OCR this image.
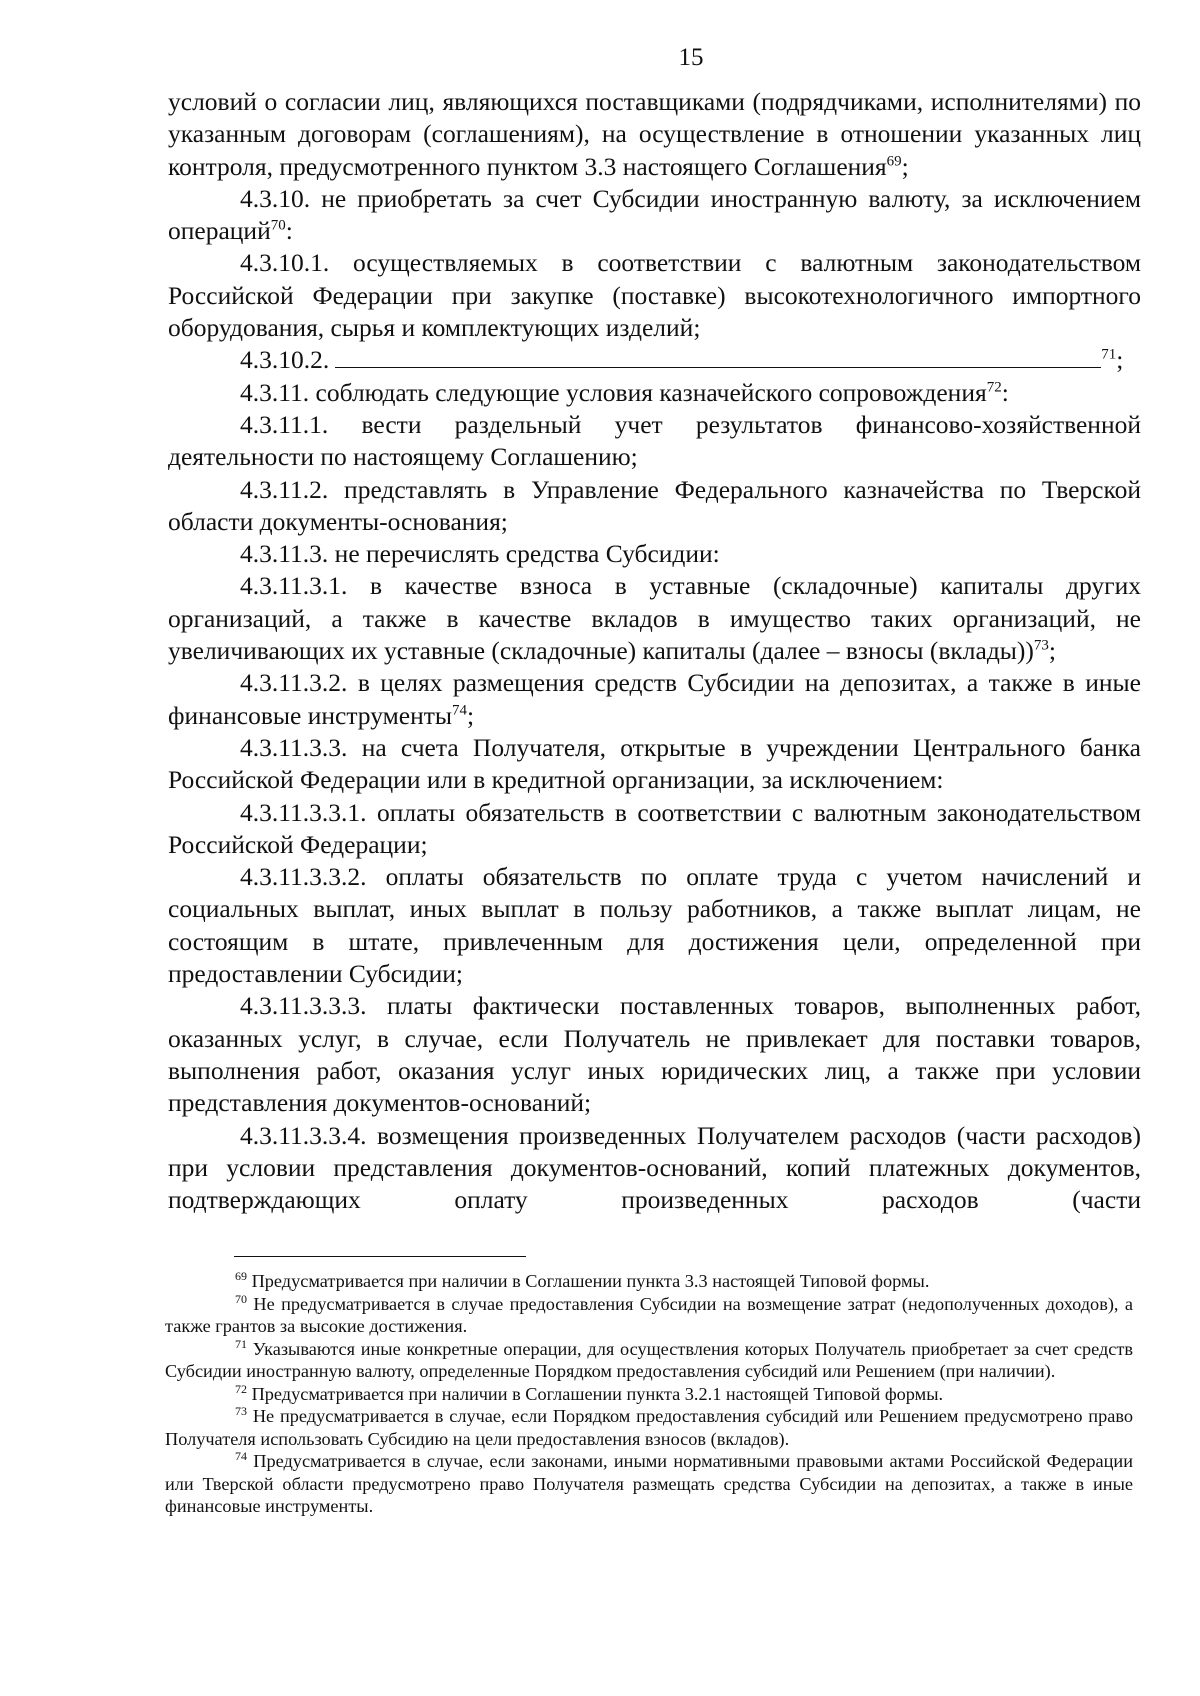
15

условий о согласии лиц, являющихся поставщиками (подрядчиками, исполнителями) по указанным договорам (соглашениям), на осуществление в отношении указанных лиц контроля, предусмотренного пунктом 3.3 настоящего Соглашения$^{69}$;

4.3.10. не приобретать за счет Субсидии иностранную валюту, за исключением операций$^{70}$:

4.3.10.1. осуществляемых в соответствии с валютным законодательством Российской Федерации при закупке (поставке) высокотехнологичного импортного оборудования, сырья и комплектующих изделий;

4.3.10.2.	$^{71}$;

4.3.11. соблюдать следующие условия казначейского сопровождения$^{72}$:

4.3.11.1. вести раздельный учет результатов финансово-хозяйственной деятельности по настоящему Соглашению;

4.3.11.2. представлять в Управление Федерального казначейства по Тверской области документы-основания;

4.3.11.3. не перечислять средства Субсидии:

4.3.11.3.1. в качестве взноса в уставные (складочные) капиталы других организаций, а также в качестве вкладов в имущество таких организаций, не увеличивающих их уставные (складочные) капиталы (далее – взносы (вклады))$^{73}$;

4.3.11.3.2. в целях размещения средств Субсидии на депозитах, а также в иные финансовые инструменты$^{74}$;

4.3.11.3.3. на счета Получателя, открытые в учреждении Центрального банка Российской Федерации или в кредитной организации, за исключением:

4.3.11.3.3.1. оплаты обязательств в соответствии с валютным законодательством Российской Федерации;

4.3.11.3.3.2. оплаты обязательств по оплате труда с учетом начислений и социальных выплат, иных выплат в пользу работников, а также выплат лицам, не состоящим в штате, привлеченным для достижения цели, определенной при предоставлении Субсидии;

4.3.11.3.3.3. платы фактически поставленных товаров, выполненных работ, оказанных услуг, в случае, если Получатель не привлекает для поставки товаров, выполнения работ, оказания услуг иных юридических лиц, а также при условии представления документов-оснований;

4.3.11.3.3.4. возмещения произведенных Получателем расходов (части расходов) при условии представления документов-оснований, копий платежных документов, подтверждающих оплату произведенных расходов (части

$^{69}$ Предусматривается при наличии в Соглашении пункта 3.3 настоящей Типовой формы.

$^{70}$ Не предусматривается в случае предоставления Субсидии на возмещение затрат (недополученных доходов), а также грантов за высокие достижения.

$^{71}$ Указываются иные конкретные операции, для осуществления которых Получатель приобретает за счет средств Субсидии иностранную валюту, определенные Порядком предоставления субсидий или Решением (при наличии).

$^{72}$ Предусматривается при наличии в Соглашении пункта 3.2.1 настоящей Типовой формы.

$^{73}$ Не предусматривается в случае, если Порядком предоставления субсидий или Решением предусмотрено право Получателя использовать Субсидию на цели предоставления взносов (вкладов).

$^{74}$ Предусматривается в случае, если законами, иными нормативными правовыми актами Российской Федерации или Тверской области предусмотрено право Получателя размещать средства Субсидии на депозитах, а также в иные финансовые инструменты.
